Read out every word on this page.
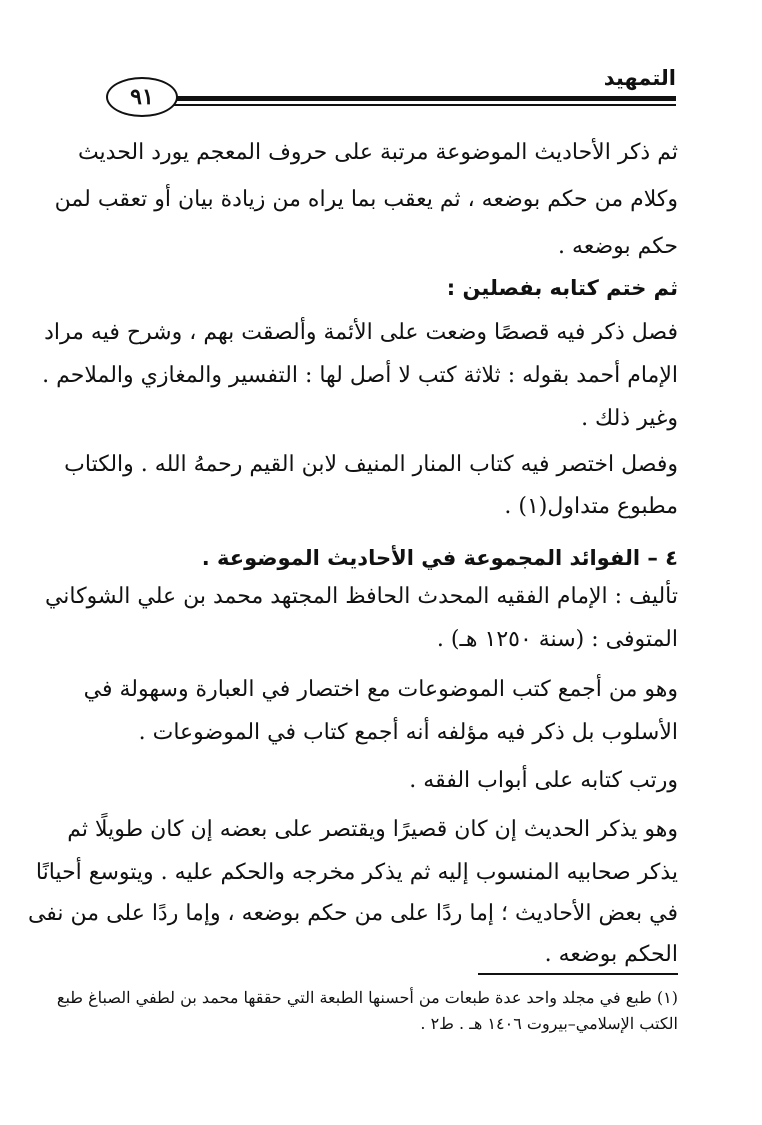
التمهيد
٩١
ثم ذكر الأحاديث الموضوعة مرتبة على حروف المعجم يورد الحديث
وكلام من حكم بوضعه ، ثم يعقب بما يراه من زيادة بيان أو تعقب لمن
حكم بوضعه .
ثم ختم كتابه بفصلين :
فصل ذكر فيه قصصًا وضعت على الأئمة وألصقت بهم ، وشرح فيه مراد
الإمام أحمد بقوله : ثلاثة كتب لا أصل لها : التفسير والمغازي والملاحم .
وغير ذلك .
وفصل اختصر فيه كتاب المنار المنيف لابن القيم رحمهُ الله . والكتاب
مطبوع متداول(١) .
٤ – الفوائد المجموعة في الأحاديث الموضوعة .
تأليف : الإمام الفقيه المحدث الحافظ المجتهد محمد بن علي الشوكاني
المتوفى : (سنة ١٢٥٠ هـ) .
وهو من أجمع كتب الموضوعات مع اختصار في العبارة وسهولة في
الأسلوب بل ذكر فيه مؤلفه أنه أجمع كتاب في الموضوعات .
ورتب كتابه على أبواب الفقه .
وهو يذكر الحديث إن كان قصيرًا ويقتصر على بعضه إن كان طويلًا ثم
يذكر صحابيه المنسوب إليه ثم يذكر مخرجه والحكم عليه . ويتوسع أحيانًا
في بعض الأحاديث ؛ إما ردًا على من حكم بوضعه ، وإما ردًا على من نفى
الحكم بوضعه .
(١) طبع في مجلد واحد عدة طبعات من أحسنها الطبعة التي حققها محمد بن لطفي الصباغ طبع
الكتب الإسلامي–بيروت ١٤٠٦ هـ . ط٢ .
